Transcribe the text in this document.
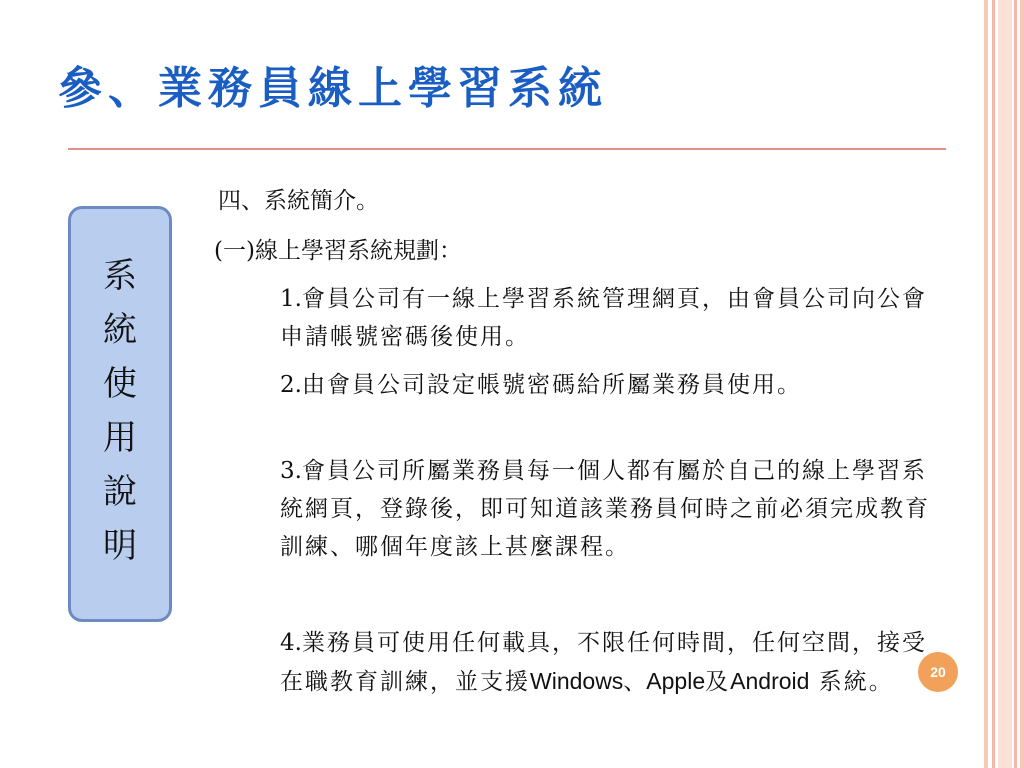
參、業務員線上學習系統
系
統
使
用
說
明
四、系統簡介。
(一)線上學習系統規劃：
1.會員公司有一線上學習系統管理網頁，由會員公司向公會申請帳號密碼後使用。
2.由會員公司設定帳號密碼給所屬業務員使用。
3.會員公司所屬業務員每一個人都有屬於自己的線上學習系統網頁，登錄後，即可知道該業務員何時之前必須完成教育訓練、哪個年度該上甚麼課程。
4.業務員可使用任何載具，不限任何時間，任何空間，接受在職教育訓練，並支援Windows、Apple及Android 系統。	20
